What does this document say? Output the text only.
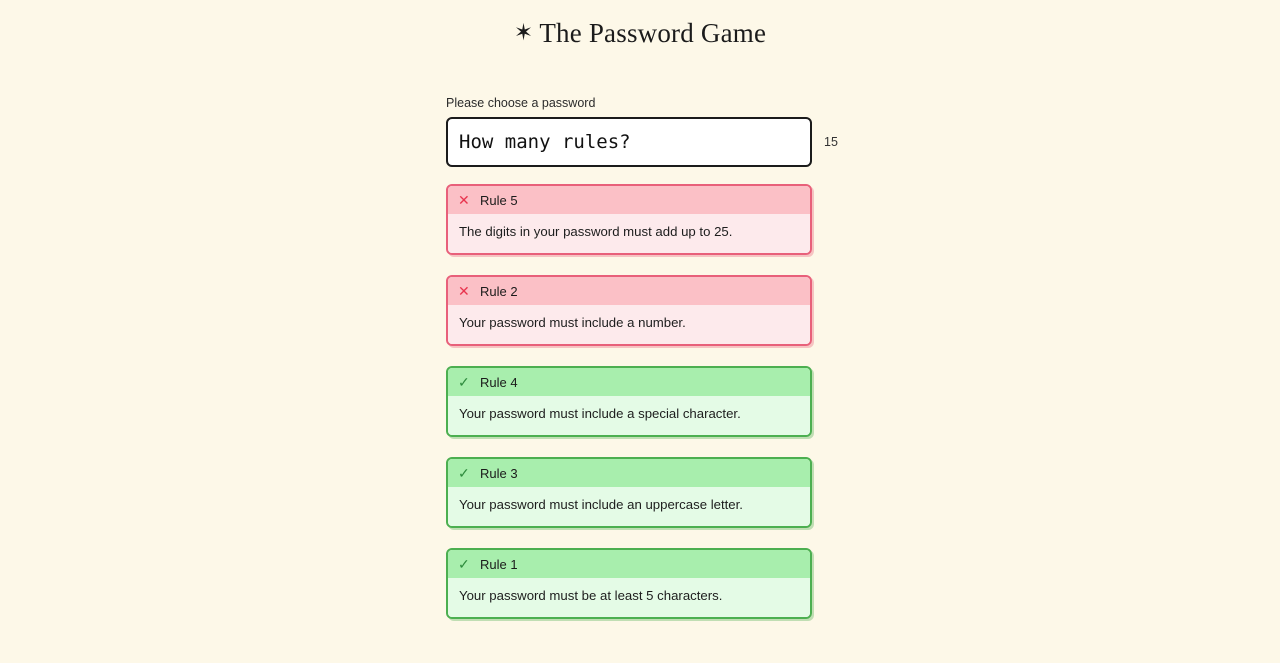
✶ The Password Game
Please choose a password
How many rules?
15
✕ Rule 5
The digits in your password must add up to 25.
✕ Rule 2
Your password must include a number.
✓ Rule 4
Your password must include a special character.
✓ Rule 3
Your password must include an uppercase letter.
✓ Rule 1
Your password must be at least 5 characters.
